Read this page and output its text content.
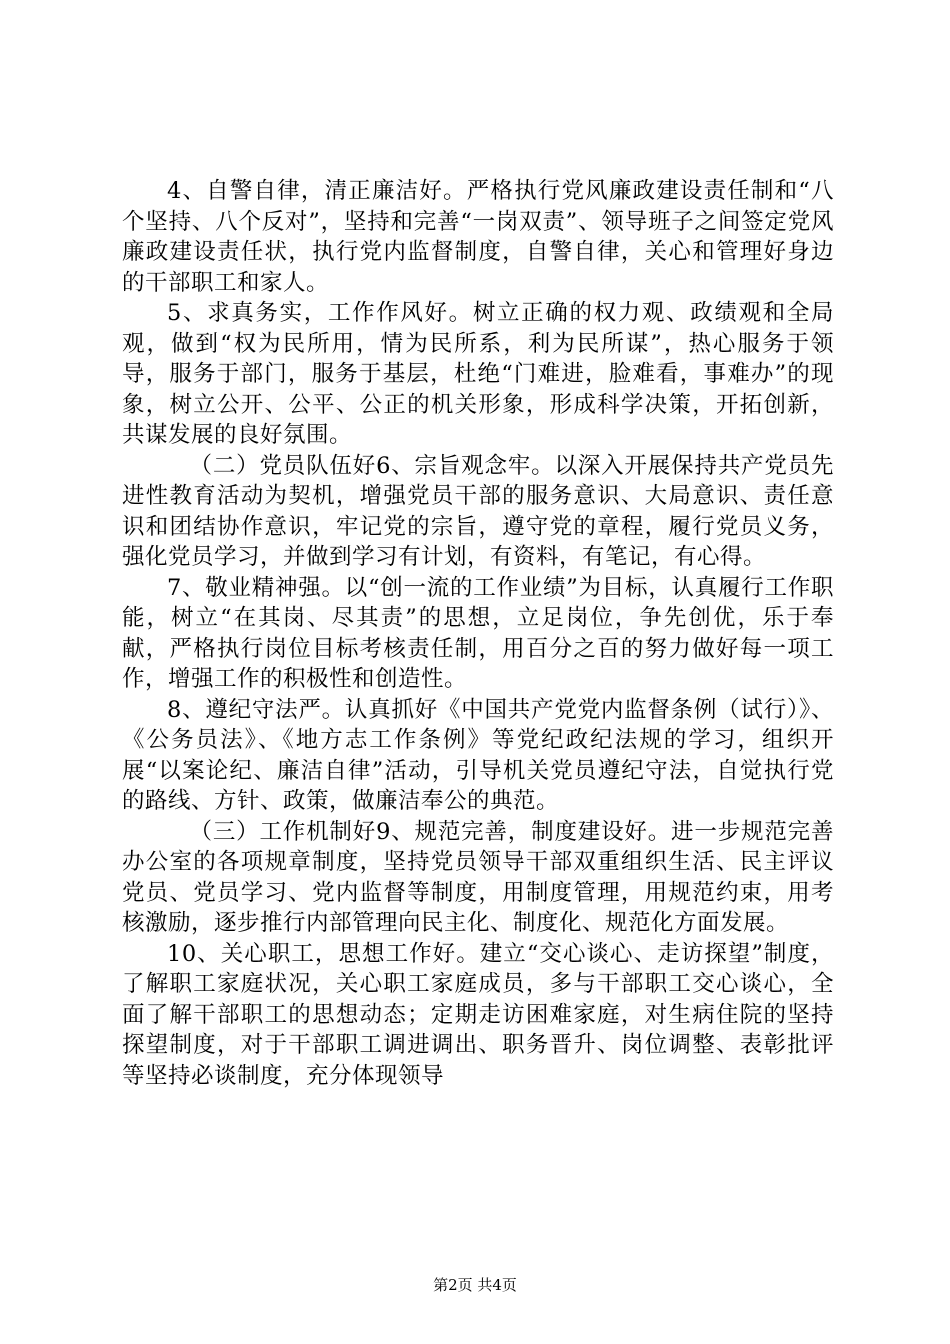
4、自警自律，清正廉洁好。严格执行党风廉政建设责任制和“八个坚持、八个反对”，坚持和完善“一岗双责”、领导班子之间签定党风廉政建设责任状，执行党内监督制度，自警自律，关心和管理好身边的干部职工和家人。

5、求真务实，工作作风好。树立正确的权力观、政绩观和全局观，做到“权为民所用，情为民所系，利为民所谋”，热心服务于领导，服务于部门，服务于基层，杜绝“门难进，脸难看，事难办”的现象，树立公开、公平、公正的机关形象，形成科学决策，开拓创新，共谋发展的良好氛围。

（二）党员队伍好6、宗旨观念牢。以深入开展保持共产党员先进性教育活动为契机，增强党员干部的服务意识、大局意识、责任意识和团结协作意识，牢记党的宗旨，遵守党的章程，履行党员义务，强化党员学习，并做到学习有计划，有资料，有笔记，有心得。

7、敬业精神强。以“创一流的工作业绩”为目标，认真履行工作职能，树立“在其岗、尽其责”的思想，立足岗位，争先创优，乐于奉献，严格执行岗位目标考核责任制，用百分之百的努力做好每一项工作，增强工作的积极性和创造性。

8、遵纪守法严。认真抓好《中国共产党党内监督条例（试行）》、《公务员法》、《地方志工作条例》等党纪政纪法规的学习，组织开展“以案论纪、廉洁自律”活动，引导机关党员遵纪守法，自觉执行党的路线、方针、政策，做廉洁奉公的典范。

（三）工作机制好9、规范完善，制度建设好。进一步规范完善办公室的各项规章制度，坚持党员领导干部双重组织生活、民主评议党员、党员学习、党内监督等制度，用制度管理，用规范约束，用考核激励，逐步推行内部管理向民主化、制度化、规范化方面发展。

10、关心职工，思想工作好。建立“交心谈心、走访探望”制度，了解职工家庭状况，关心职工家庭成员，多与干部职工交心谈心，全面了解干部职工的思想动态；定期走访困难家庭，对生病住院的坚持探望制度，对于干部职工调进调出、职务晋升、岗位调整、表彰批评等坚持必谈制度，充分体现领导

第2页 共4页
